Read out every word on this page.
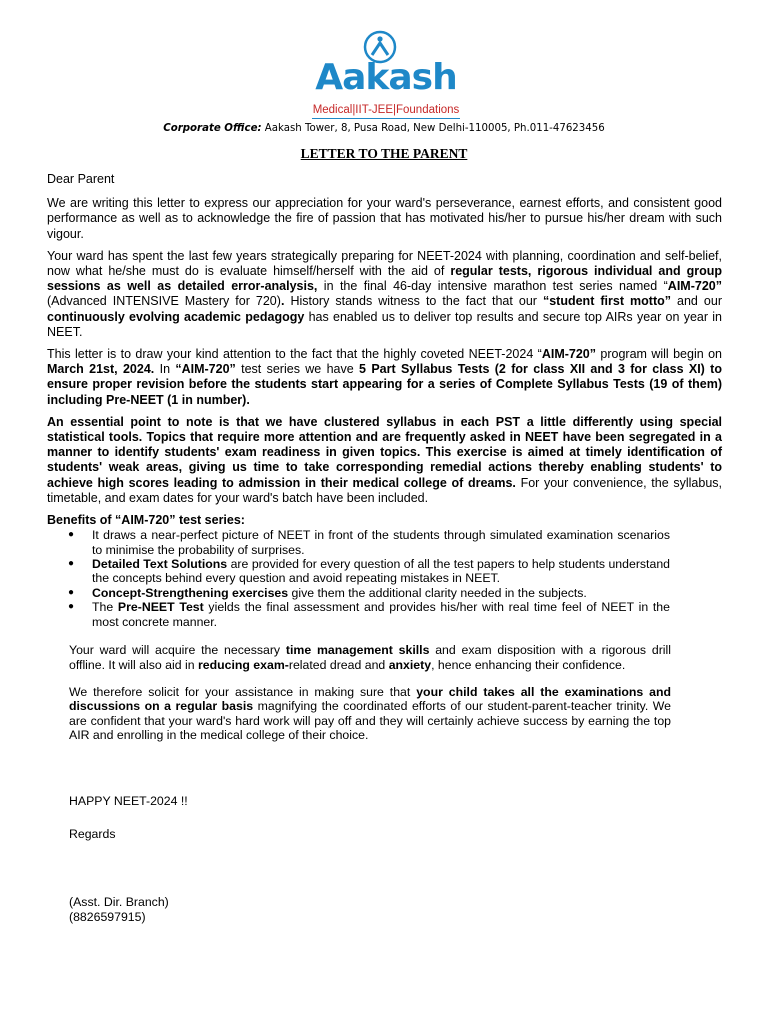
Aakash
Medical|IIT-JEE|Foundations
Corporate Office: Aakash Tower, 8, Pusa Road, New Delhi-110005, Ph.011-47623456
LETTER TO THE PARENT

Dear Parent

We are writing this letter to express our appreciation for your ward's perseverance, earnest efforts, and consistent good performance as well as to acknowledge the fire of passion that has motivated his/her to pursue his/her dream with such vigour.

Your ward has spent the last few years strategically preparing for NEET-2024 with planning, coordination and self-belief, now what he/she must do is evaluate himself/herself with the aid of regular tests, rigorous individual and group sessions as well as detailed error-analysis, in the final 46-day intensive marathon test series named “AIM-720” (Advanced INTENSIVE Mastery for 720). History stands witness to the fact that our “student first motto” and our continuously evolving academic pedagogy has enabled us to deliver top results and secure top AIRs year on year in NEET.

This letter is to draw your kind attention to the fact that the highly coveted NEET-2024 “AIM-720” program will begin on March 21st, 2024. In “AIM-720” test series we have 5 Part Syllabus Tests (2 for class XII and 3 for class XI) to ensure proper revision before the students start appearing for a series of Complete Syllabus Tests (19 of them) including Pre-NEET (1 in number).

An essential point to note is that we have clustered syllabus in each PST a little differently using special statistical tools. Topics that require more attention and are frequently asked in NEET have been segregated in a manner to identify students' exam readiness in given topics. This exercise is aimed at timely identification of students' weak areas, giving us time to take corresponding remedial actions thereby enabling students' to achieve high scores leading to admission in their medical college of dreams. For your convenience, the syllabus, timetable, and exam dates for your ward's batch have been included.

Benefits of “AIM-720” test series:

● It draws a near-perfect picture of NEET in front of the students through simulated examination scenarios to minimise the probability of surprises.
● Detailed Text Solutions are provided for every question of all the test papers to help students understand the concepts behind every question and avoid repeating mistakes in NEET.
● Concept-Strengthening exercises give them the additional clarity needed in the subjects.
● The Pre-NEET Test yields the final assessment and provides his/her with real time feel of NEET in the most concrete manner.

Your ward will acquire the necessary time management skills and exam disposition with a rigorous drill offline. It will also aid in reducing exam-related dread and anxiety, hence enhancing their confidence.

We therefore solicit for your assistance in making sure that your child takes all the examinations and discussions on a regular basis magnifying the coordinated efforts of our student-parent-teacher trinity. We are confident that your ward's hard work will pay off and they will certainly achieve success by earning the top AIR and enrolling in the medical college of their choice.

HAPPY NEET-2024 !!
Regards
(Asst. Dir. Branch)
(8826597915)
